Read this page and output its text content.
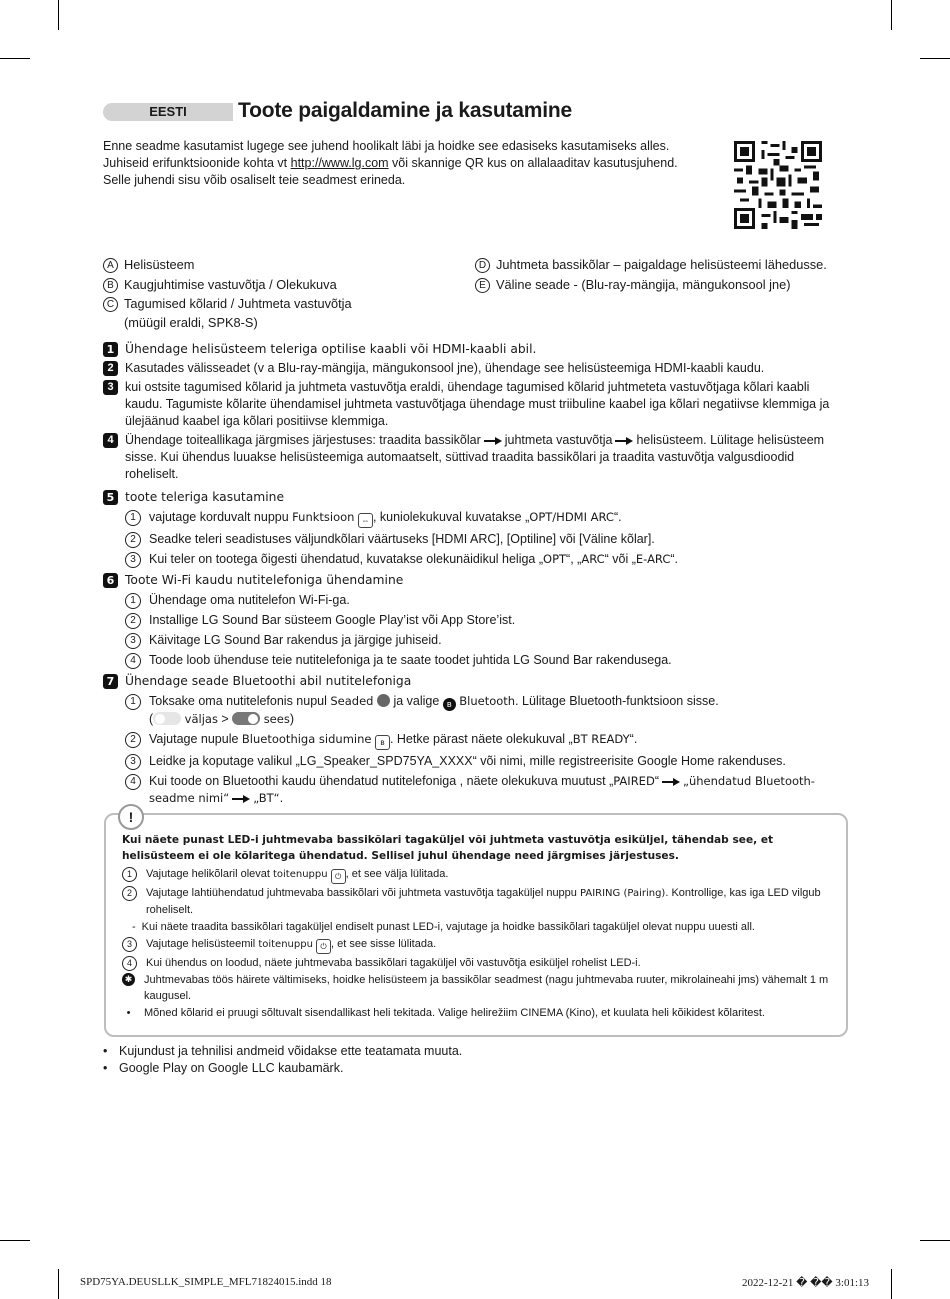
EESTI	Toote paigaldamine ja kasutamine
Enne seadme kasutamist lugege see juhend hoolikalt läbi ja hoidke see edasiseks kasutamiseks alles.
Juhiseid erifunktsioonide kohta vt http://www.lg.com või skannige QR kus on allalaaditav kasutusjuhend.
Selle juhendi sisu võib osaliselt teie seadmest erineda.
A Helisüsteem
B Kaugjuhtimise vastuvõtja / Olekukuva
C Tagumised kõlarid / Juhtmeta vastuvõtja
(müügil eraldi, SPK8-S)
D Juhtmeta bassikõlar – paigaldage helisüsteemi lähedusse.
E Väline seade - (Blu-ray-mängija, mängukonsool jne)
1 Ühendage helisüsteem teleriga optilise kaabli või HDMI-kaabli abil.
2 Kasutades välisseadet (v a Blu-ray-mängija, mängukonsool jne), ühendage see helisüsteemiga HDMI-kaabli kaudu.
3 kui ostsite tagumised kõlarid ja juhtmeta vastuvõtja eraldi, ühendage tagumised kõlarid juhtmeteta vastuvõtjaga kõlari kaabli kaudu. Tagumiste kõlarite ühendamisel juhtmeta vastuvõtjaga ühendage must triibuline kaabel iga kõlari negatiivse klemmiga ja ülejäänud kaabel iga kõlari positiivse klemmiga.
4 Ühendage toiteallikaga järgmises järjestuses: traadita bassikõlar juhtmeta vastuvõtja helisüsteem. Lülitage helisüsteem sisse. Kui ühendus luuakse helisüsteemiga automaatselt, süttivad traadita bassikõlari ja traadita vastuvõtja valgusdioodid roheliselt.
5 toote teleriga kasutamine
1	vajutage korduvalt nuppu Funktsioon ⇔ , kuniolekukuval kuvatakse „OPT/HDMI ARC“.
2	Seadke teleri seadistuses väljundkõlari väärtuseks [HDMI ARC], [Optiline] või [Väline kõlar].
3	Kui teler on tootega õigesti ühendatud, kuvatakse olekunäidikul heliga „OPT“, „ARC“ või „E-ARC“.
6 Toote Wi-Fi kaudu nutitelefoniga ühendamine
1	Ühendage oma nutitelefon Wi-Fi-ga.
2	Installige LG Sound Bar süsteem Google Play’ist või App Store’ist.
3	Käivitage LG Sound Bar rakendus ja järgige juhiseid.
4	Toode loob ühenduse teie nutitelefoniga ja te saate toodet juhtida LG Sound Bar rakendusega.
7 Ühendage seade Bluetoothi abil nutitelefoniga
1	Toksake oma nutitelefonis nupul Seaded  ja valige ʙ Bluetooth. Lülitage Bluetooth-funktsioon sisse.
(	väljas >	sees)
2	Vajutage nupule Bluetoothiga sidumine ʙ . Hetke pärast näete olekukuval „BT READY“.
3	Leidke ja koputage valikul „LG_Speaker_SPD75YA_XXXX“ või nimi, mille registreerisite Google Home rakenduses.
4	Kui toode on Bluetoothi kaudu ühendatud nutitelefoniga , näete olekukuva muutust „PAIRED“ „ühendatud Bluetooth-seadme nimi“ „BT“.
!
Kui näete punast LED-i juhtmevaba bassikõlari tagaküljel või juhtmeta vastuvõtja esiküljel, tähendab see, et helisüsteem ei ole kõlaritega ühendatud. Sellisel juhul ühendage need järgmises järjestuses.
1	Vajutage helikõlaril olevat toitenuppu ⏻ , et see välja lülitada.
2	Vajutage lahtiühendatud juhtmevaba bassikõlari või juhtmeta vastuvõtja tagaküljel nuppu PAIRING (Pairing). Kontrollige, kas iga LED vilgub roheliselt.
- Kui näete traadita bassikõlari tagaküljel endiselt punast LED-i, vajutage ja hoidke bassikõlari tagaküljel olevat nuppu uuesti all.
3	Vajutage helisüsteemil toitenuppu ⏻ , et see sisse lülitada.
4	Kui ühendus on loodud, näete juhtmevaba bassikõlari tagaküljel või vastuvõtja esiküljel rohelist LED-i.
✱ Juhtmevabas töös häirete vältimiseks, hoidke helisüsteem ja bassikõlar seadmest (nagu juhtmevaba ruuter, mikrolaineahi jms) vähemalt 1 m kaugusel.
•	Mõned kõlarid ei pruugi sõltuvalt sisendallikast heli tekitada. Valige helirežiim CINEMA (Kino), et kuulata heli kõikidest kõlaritest.
• Kujundust ja tehnilisi andmeid võidakse ette teatamata muuta.
• Google Play on Google LLC kaubamärk.
SPD75YA.DEUSLLK_SIMPLE_MFL71824015.indd 18	2022-12-21 � �� 3:01:13
